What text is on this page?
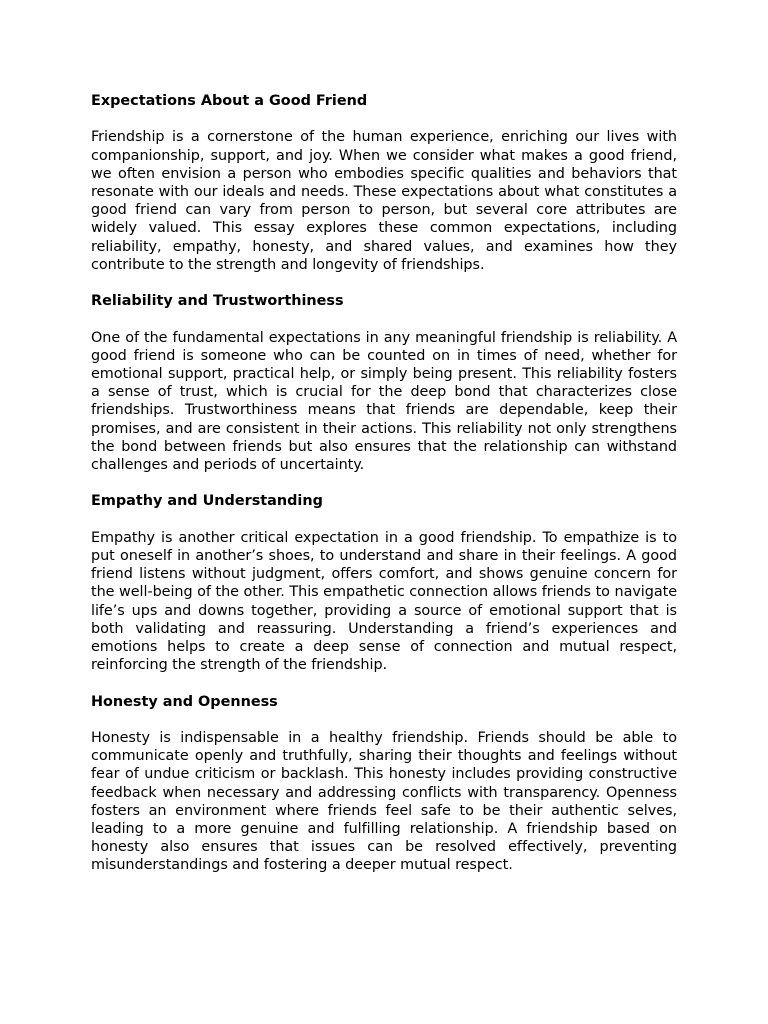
Expectations About a Good Friend

Friendship is a cornerstone of the human experience, enriching our lives with companionship, support, and joy. When we consider what makes a good friend, we often envision a person who embodies specific qualities and behaviors that resonate with our ideals and needs. These expectations about what constitutes a good friend can vary from person to person, but several core attributes are widely valued. This essay explores these common expectations, including reliability, empathy, honesty, and shared values, and examines how they contribute to the strength and longevity of friendships.

Reliability and Trustworthiness

One of the fundamental expectations in any meaningful friendship is reliability. A good friend is someone who can be counted on in times of need, whether for emotional support, practical help, or simply being present. This reliability fosters a sense of trust, which is crucial for the deep bond that characterizes close friendships. Trustworthiness means that friends are dependable, keep their promises, and are consistent in their actions. This reliability not only strengthens the bond between friends but also ensures that the relationship can withstand challenges and periods of uncertainty.

Empathy and Understanding

Empathy is another critical expectation in a good friendship. To empathize is to put oneself in another’s shoes, to understand and share in their feelings. A good friend listens without judgment, offers comfort, and shows genuine concern for the well-being of the other. This empathetic connection allows friends to navigate life’s ups and downs together, providing a source of emotional support that is both validating and reassuring. Understanding a friend’s experiences and emotions helps to create a deep sense of connection and mutual respect, reinforcing the strength of the friendship.

Honesty and Openness

Honesty is indispensable in a healthy friendship. Friends should be able to communicate openly and truthfully, sharing their thoughts and feelings without fear of undue criticism or backlash. This honesty includes providing constructive feedback when necessary and addressing conflicts with transparency. Openness fosters an environment where friends feel safe to be their authentic selves, leading to a more genuine and fulfilling relationship. A friendship based on honesty also ensures that issues can be resolved effectively, preventing misunderstandings and fostering a deeper mutual respect.
